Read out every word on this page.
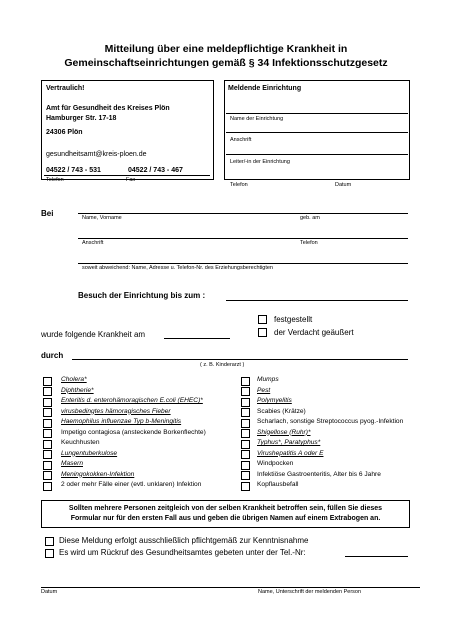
Mitteilung über eine meldepflichtige Krankheit in
Gemeinschaftseinrichtungen gemäß § 34 Infektionsschutzgesetz
Vertraulich!
Amt für Gesundheit des Kreises Plön
Hamburger Str. 17-18
24306 Plön
gesundheitsamt@kreis-ploen.de
04522 / 743 - 531	04522 / 743 - 467
Telefon	Fax
Meldende Einrichtung
Name der Einrichtung
Anschrift
Leiter/-in der Einrichtung
Telefon	Datum
Bei	Name, Vorname	geb. am
Anschrift	Telefon
soweit abweichend: Name, Adresse u. Telefon-Nr. des Erziehungsberechtigten
Besuch der Einrichtung bis zum :
festgestellt
der Verdacht geäußert
wurde folgende Krankheit am
durch
( z. B. Kinderarzt )
Cholera*
Diphtherie*
Enteritis d. enterohämoragischen E.coli (EHEC)*
virusbedingtes hämoragisches Fieber
Haemophilus influenzae Typ b-Meningitis
Impetigo contagiosa (ansteckende Borkenflechte)
Keuchhusten
Lungentuberkulose
Masern
Meningokokken-Infektion
2 oder mehr Fälle einer (evtl. unklaren) Infektion
Mumps
Pest
Polymyelitis
Scabies (Krätze)
Scharlach, sonstige Streptococcus pyog.-Infektion
Shigellose (Ruhr)*
Typhus*, Paratyphus*
Virushepatitis A oder E
Windpocken
Infektiöse Gastroenteritis, Alter bis 6 Jahre
Kopflausbefall
Sollten mehrere Personen zeitgleich von der selben Krankheit betroffen sein, füllen Sie dieses
Formular nur für den ersten Fall aus und geben die übrigen Namen auf einem Extrabogen an.
Diese Meldung erfolgt ausschließlich pflichtgemäß zur Kenntnisnahme
Es wird um Rückruf des Gesundheitsamtes gebeten unter der Tel.-Nr:
Datum	Name, Unterschrift der meldenden Person
